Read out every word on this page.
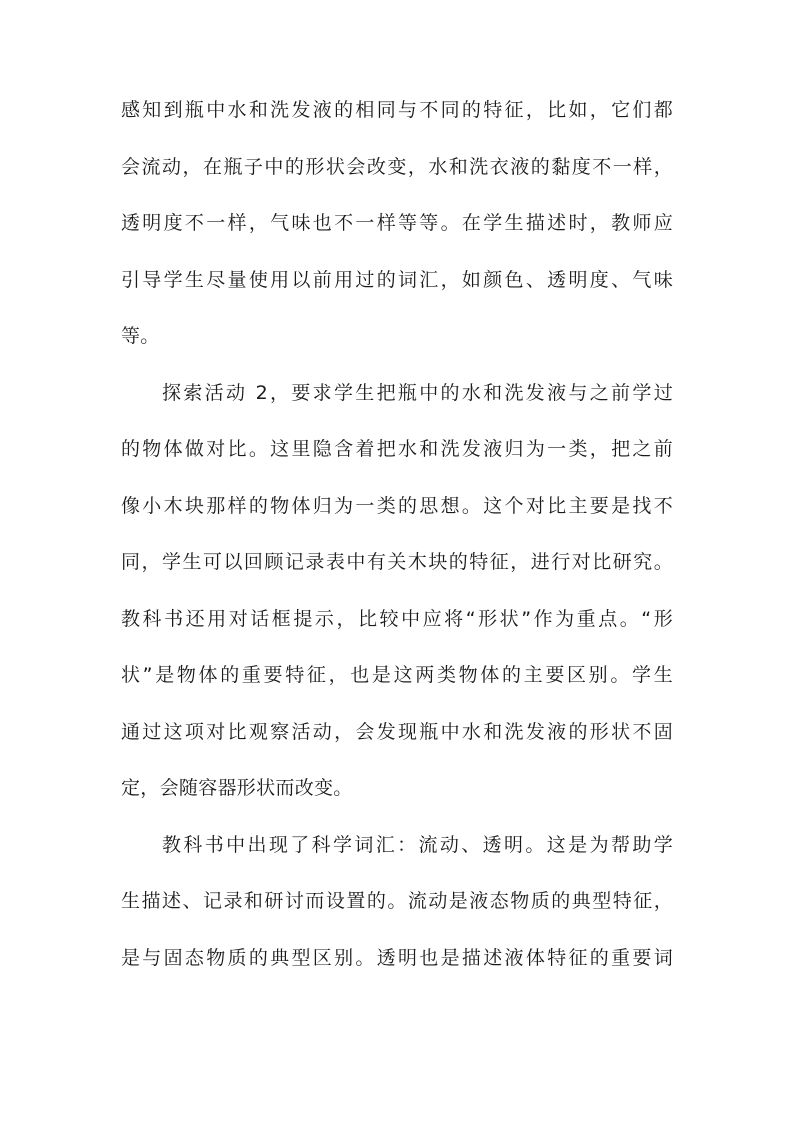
感知到瓶中水和洗发液的相同与不同的特征，比如，它们都
会流动，在瓶子中的形状会改变，水和洗衣液的黏度不一样，
透明度不一样，气味也不一样等等。在学生描述时，教师应
引导学生尽量使用以前用过的词汇，如颜色、透明度、气味
等。
探索活动 2，要求学生把瓶中的水和洗发液与之前学过
的物体做对比。这里隐含着把水和洗发液归为一类，把之前
像小木块那样的物体归为一类的思想。这个对比主要是找不
同，学生可以回顾记录表中有关木块的特征，进行对比研究。
教科书还用对话框提示，比较中应将“形状”作为重点。“形
状”是物体的重要特征，也是这两类物体的主要区别。学生
通过这项对比观察活动，会发现瓶中水和洗发液的形状不固
定，会随容器形状而改变。
教科书中出现了科学词汇：流动、透明。这是为帮助学
生描述、记录和研讨而设置的。流动是液态物质的典型特征，
是与固态物质的典型区别。透明也是描述液体特征的重要词
